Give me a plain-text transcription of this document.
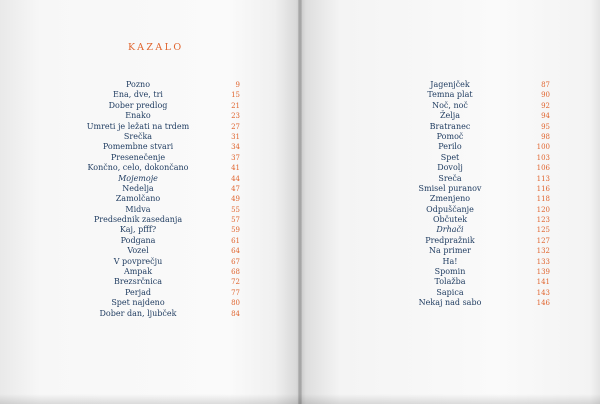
KAZALO
Pozno	9
Ena, dve, tri	15
Dober predlog	21
Enako	23
Umreti je ležati na trdem	27
Srečka	31
Pomembne stvari	34
Presenečenje	37
Končno, celo, dokončano	41
Mojemoje	44
Nedelja	47
Zamolčano	49
Midva	55
Predsednik zasedanja	57
Kaj, pfff?	59
Podgana	61
Vozel	64
V povprečju	67
Ampak	68
Brezsrčnica	72
Perjad	77
Spet najdeno	80
Dober dan, ljubček	84
Jagenjček	87
Temna plat	90
Noč, noč	92
Želja	94
Bratranec	95
Pomoč	98
Perilo	100
Spet	103
Dovolj	106
Sreča	113
Smisel puranov	116
Zmenjeno	118
Odpuščanje	120
Občutek	123
Drhači	125
Predpražnik	127
Na primer	132
Ha!	133
Spomin	139
Tolažba	141
Sapica	143
Nekaj nad sabo	146
